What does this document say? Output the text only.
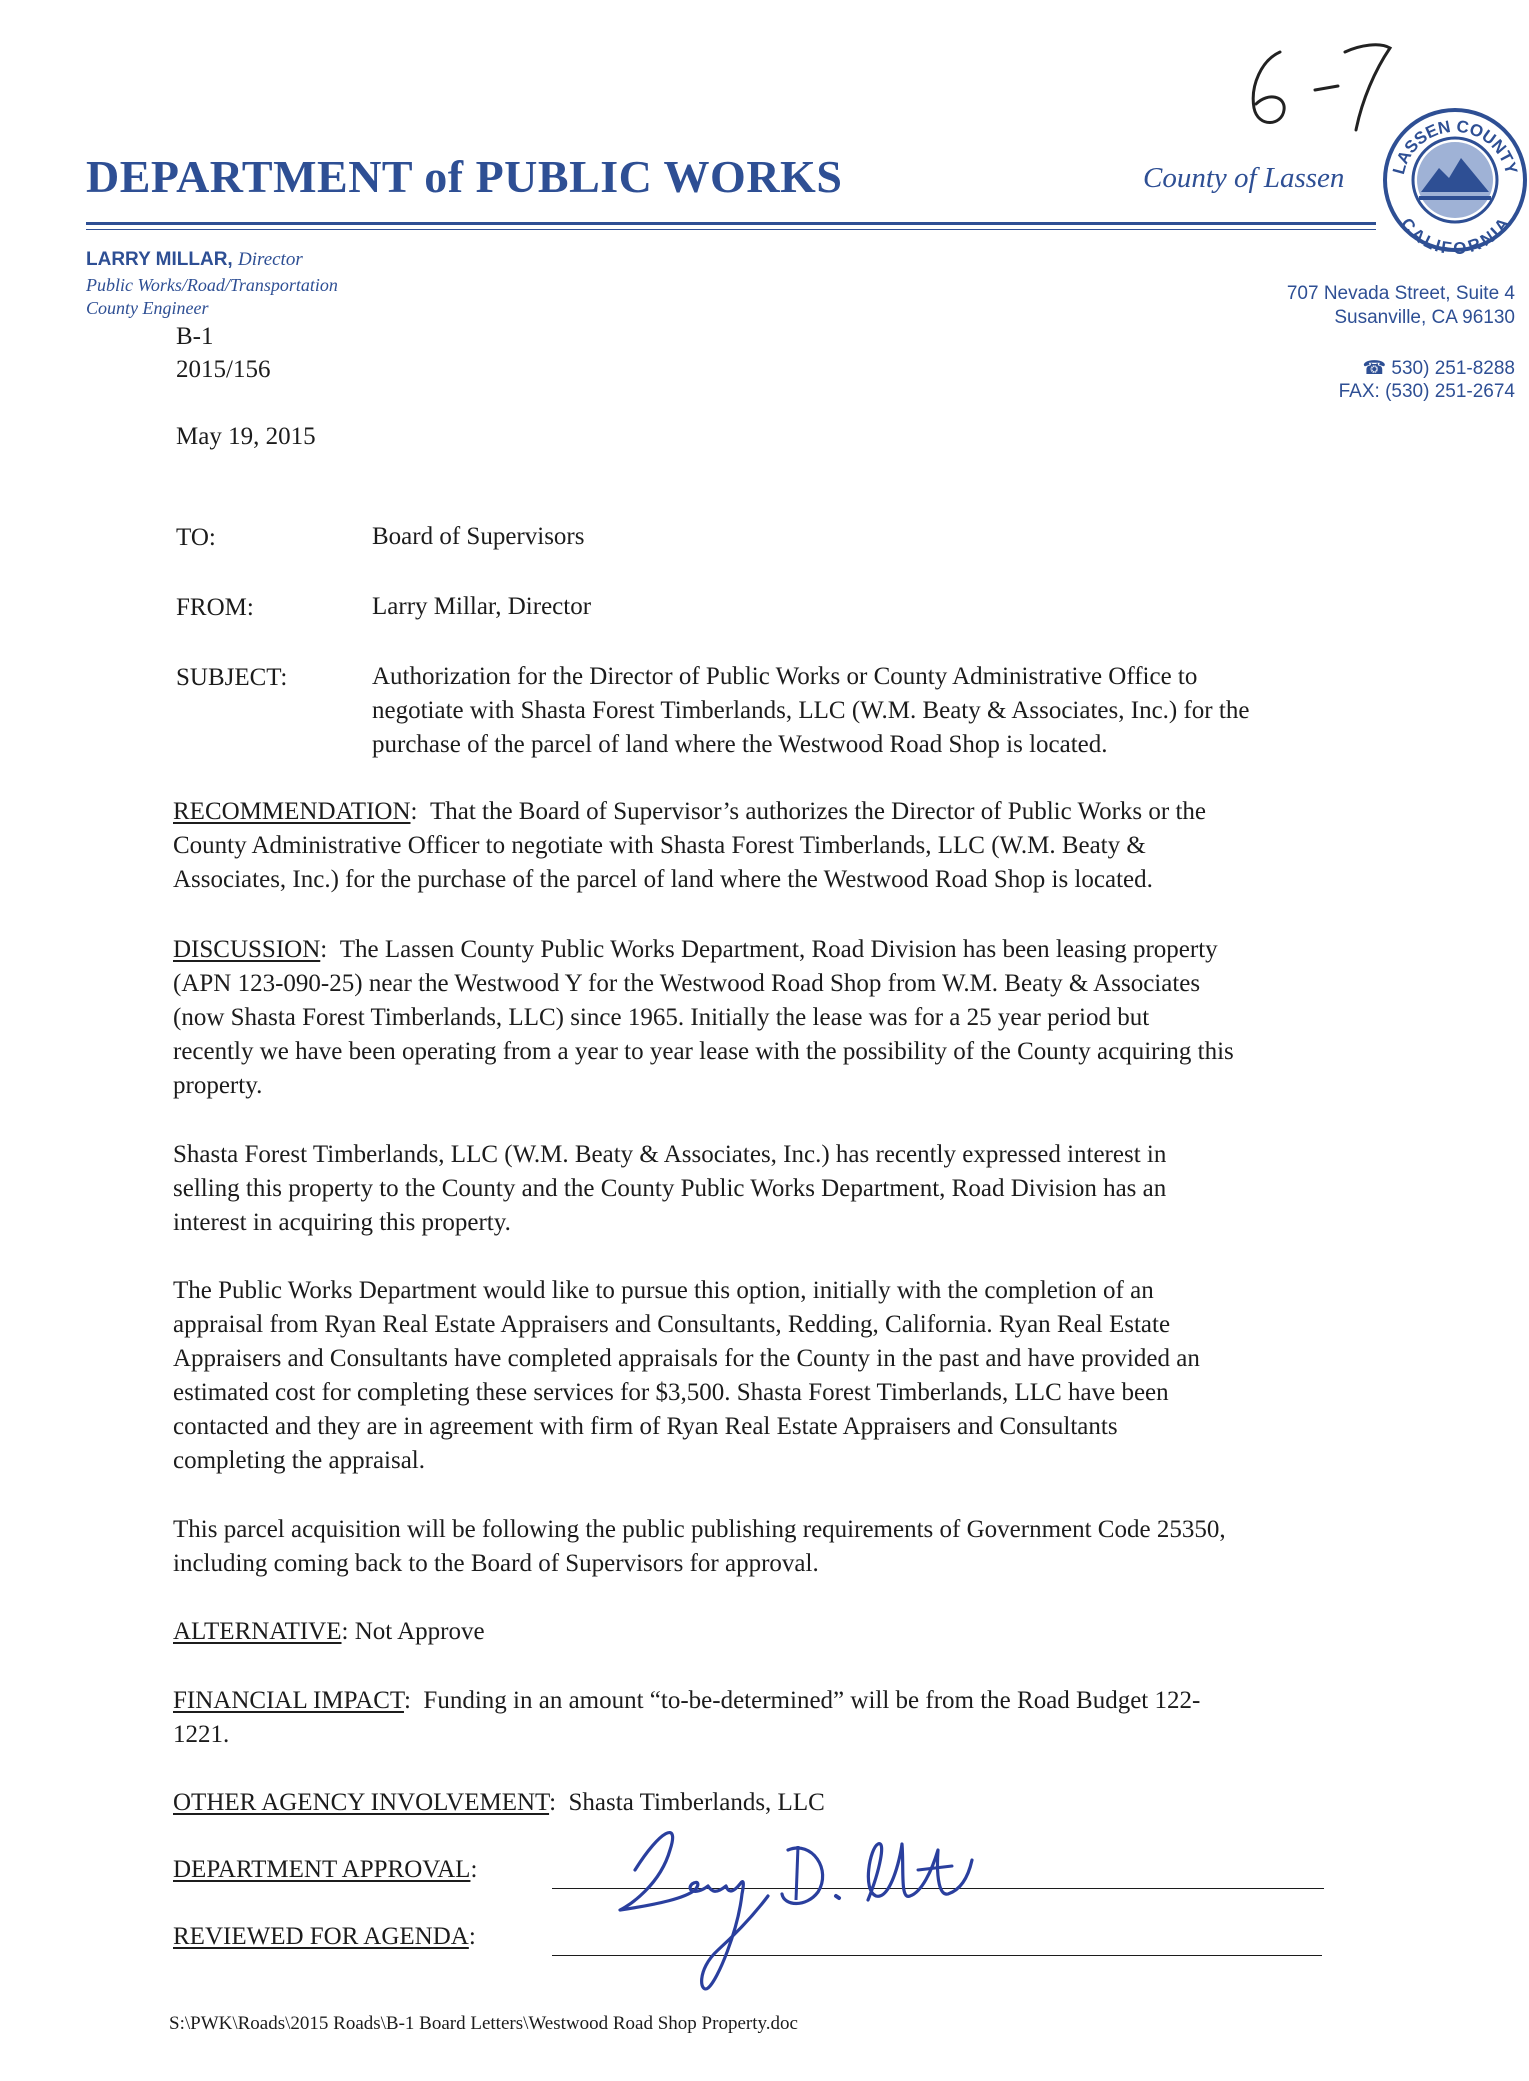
DEPARTMENT of PUBLIC WORKS	County of Lassen	LASSEN COUNTY
CALIFORNIA
LARRY MILLAR, Director
Public Works/Road/Transportation
County Engineer
707 Nevada Street, Suite 4
Susanville, CA 96130
☎ 530) 251-8288
FAX: (530) 251-2674
B-1
2015/156
May 19, 2015
TO:	Board of Supervisors
FROM:	Larry Millar, Director
SUBJECT:	Authorization for the Director of Public Works or County Administrative Office to
negotiate with Shasta Forest Timberlands, LLC (W.M. Beaty & Associates, Inc.) for the
purchase of the parcel of land where the Westwood Road Shop is located.

RECOMMENDATION:  That the Board of Supervisor’s authorizes the Director of Public Works or the

County Administrative Officer to negotiate with Shasta Forest Timberlands, LLC (W.M. Beaty &

Associates, Inc.) for the purchase of the parcel of land where the Westwood Road Shop is located.

DISCUSSION:  The Lassen County Public Works Department, Road Division has been leasing property

(APN 123-090-25) near the Westwood Y for the Westwood Road Shop from W.M. Beaty & Associates

(now Shasta Forest Timberlands, LLC) since 1965. Initially the lease was for a 25 year period but

recently we have been operating from a year to year lease with the possibility of the County acquiring this

property.

Shasta Forest Timberlands, LLC (W.M. Beaty & Associates, Inc.) has recently expressed interest in

selling this property to the County and the County Public Works Department, Road Division has an

interest in acquiring this property.

The Public Works Department would like to pursue this option, initially with the completion of an

appraisal from Ryan Real Estate Appraisers and Consultants, Redding, California. Ryan Real Estate

Appraisers and Consultants have completed appraisals for the County in the past and have provided an

estimated cost for completing these services for $3,500. Shasta Forest Timberlands, LLC have been

contacted and they are in agreement with firm of Ryan Real Estate Appraisers and Consultants

completing the appraisal.

This parcel acquisition will be following the public publishing requirements of Government Code 25350,

including coming back to the Board of Supervisors for approval.

ALTERNATIVE: Not Approve

FINANCIAL IMPACT:  Funding in an amount “to-be-determined” will be from the Road Budget 122-

1221.

OTHER AGENCY INVOLVEMENT:  Shasta Timberlands, LLC

DEPARTMENT APPROVAL:

REVIEWED FOR AGENDA:

S:\PWK\Roads\2015 Roads\B-1 Board Letters\Westwood Road Shop Property.doc
